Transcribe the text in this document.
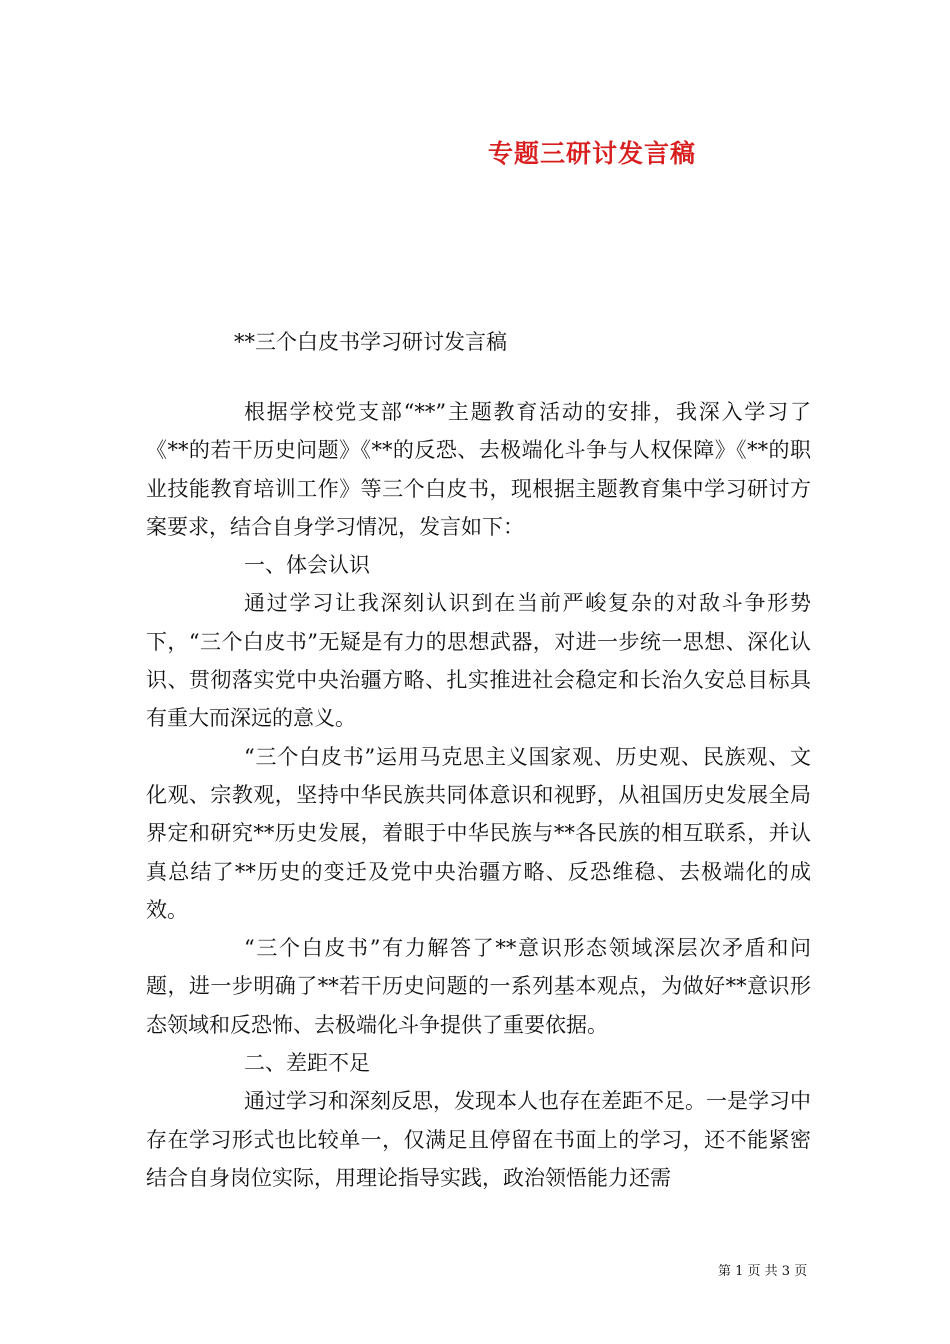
专题三研讨发言稿
**三个白皮书学习研讨发言稿

根据学校党支部“**”主题教育活动的安排，我深入学习了《**的若干历史问题》《**的反恐、去极端化斗争与人权保障》《**的职业技能教育培训工作》等三个白皮书，现根据主题教育集中学习研讨方案要求，结合自身学习情况，发言如下：

一、体会认识

通过学习让我深刻认识到在当前严峻复杂的对敌斗争形势下，“三个白皮书”无疑是有力的思想武器，对进一步统一思想、深化认识、贯彻落实党中央治疆方略、扎实推进社会稳定和长治久安总目标具有重大而深远的意义。

“三个白皮书”运用马克思主义国家观、历史观、民族观、文化观、宗教观，坚持中华民族共同体意识和视野，从祖国历史发展全局界定和研究**历史发展，着眼于中华民族与**各民族的相互联系，并认真总结了**历史的变迁及党中央治疆方略、反恐维稳、去极端化的成效。

“三个白皮书”有力解答了**意识形态领域深层次矛盾和问题，进一步明确了**若干历史问题的一系列基本观点，为做好**意识形态领域和反恐怖、去极端化斗争提供了重要依据。

二、差距不足

通过学习和深刻反思，发现本人也存在差距不足。一是学习中存在学习形式也比较单一，仅满足且停留在书面上的学习，还不能紧密结合自身岗位实际，用理论指导实践，政治领悟能力还需

第 1 页 共 3 页
